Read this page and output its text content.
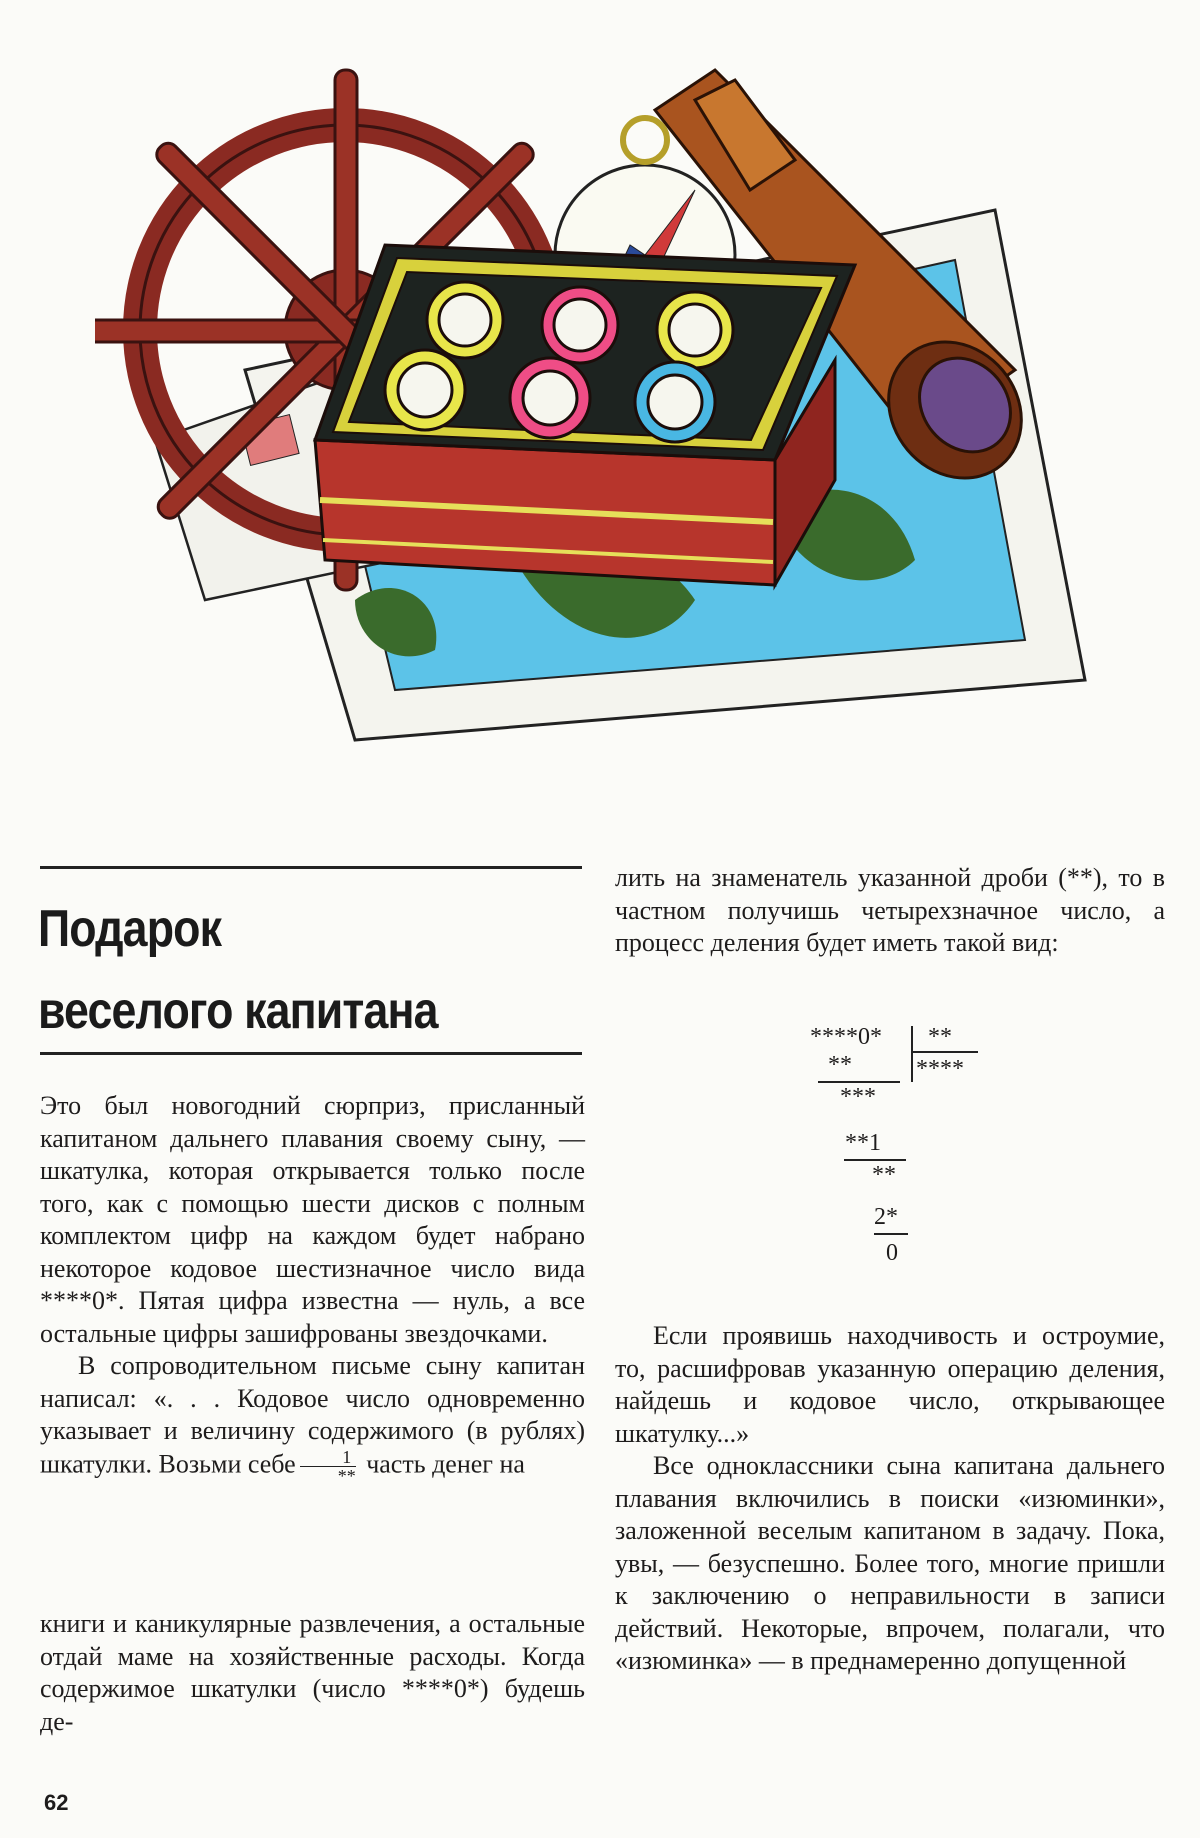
Подарок
веселого капитана

Это был новогодний сюрприз, присланный капитаном дальнего плавания своему сыну, — шкатулка, которая открывается только после того, как с помощью шести дисков с полным комплектом цифр на каждом будет набрано некоторое кодовое шестизначное число вида ****0*. Пятая цифра известна — нуль, а все остальные цифры зашифрованы звездочками.

В сопроводительном письме сыну капитан написал: «. . . Кодовое число одновременно указывает и величину содержимого (в рублях) шкатулки. Возьми себе $\frac{1}{**}$ часть денег на

книги и каникулярные развлечения, а остальные отдай маме на хозяйственные расходы. Когда содержимое шкатулки (число ****0*) будешь де-

лить на знаменатель указанной дроби (**), то в частном получишь четырехзначное число, а процесс деления будет иметь такой вид:

****0* **
****
**
***
**1
**
2*
0

Если проявишь находчивость и остроумие, то, расшифровав указанную операцию деления, найдешь и кодовое число, открывающее шкатулку...»

Все одноклассники сына капитана дальнего плавания включились в поиски «изюминки», заложенной веселым капитаном в задачу. Пока, увы, — безуспешно. Более того, многие пришли к заключению о неправильности в записи действий. Некоторые, впрочем, полагали, что «изюминка» — в преднамеренно допущенной

62
